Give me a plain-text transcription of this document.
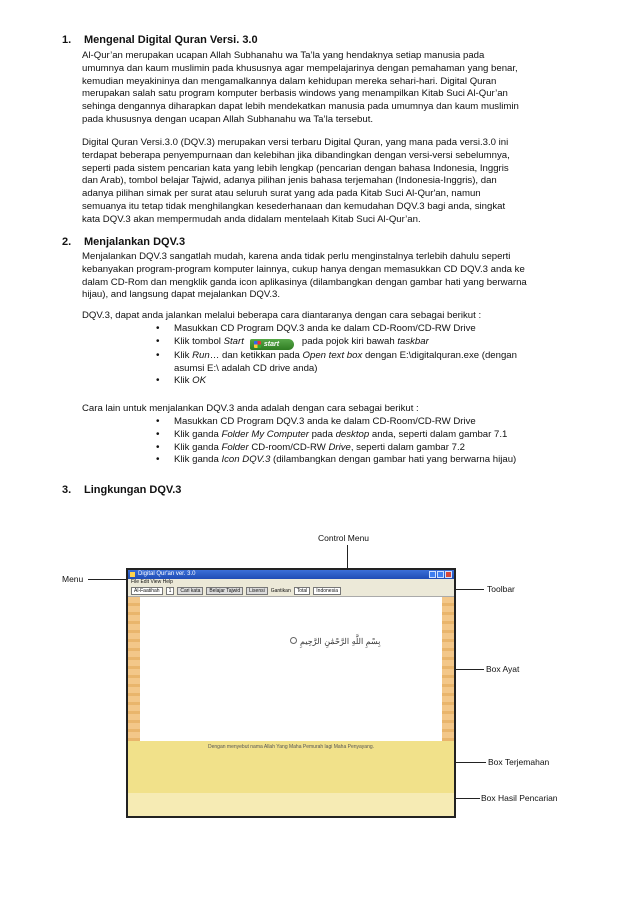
1. Mengenal Digital Quran Versi. 3.0
Al-Qur’an merupakan ucapan Allah Subhanahu wa Ta’la yang hendaknya setiap manusia pada
umumnya dan kaum muslimin pada khususnya agar mempelajarinya dengan pemahaman yang benar,
kemudian meyakininya dan mengamalkannya dalam kehidupan mereka sehari-hari. Digital Quran
merupakan salah satu program komputer berbasis windows yang menampilkan Kitab Suci Al-Qur’an
sehinga dengannya diharapkan dapat lebih mendekatkan manusia pada umumnya dan kaum muslimin
pada khususnya dengan ucapan Allah Subhanahu wa Ta’la tersebut.
Digital Quran Versi.3.0 (DQV.3) merupakan versi terbaru Digital Quran, yang mana pada versi.3.0 ini
terdapat beberapa penyempurnaan dan kelebihan jika dibandingkan dengan versi-versi sebelumnya,
seperti pada sistem pencarian kata yang lebih lengkap (pencarian dengan bahasa Indonesia, Inggris
dan Arab), tombol belajar Tajwid, adanya pilihan jenis bahasa terjemahan (Indonesia-Inggris), dan
adanya pilihan simak per surat atau seluruh surat yang ada pada Kitab Suci Al-Qur'an, namun
semuanya itu tetap tidak menghilangkan kesederhanaan dan kemudahan DQV.3 bagi anda, singkat
kata DQV.3 akan mempermudah anda didalam mentelaah Kitab Suci Al-Qur’an.
2. Menjalankan DQV.3
Menjalankan DQV.3 sangatlah mudah, karena anda tidak perlu menginstalnya terlebih dahulu seperti
kebanyakan program-program komputer lainnya, cukup hanya dengan memasukkan CD DQV.3 anda ke
dalam CD-Rom dan mengklik ganda icon aplikasinya (dilambangkan dengan gambar hati yang berwarna
hijau), and langsung dapat mejalankan DQV.3.
DQV.3, dapat anda jalankan melalui beberapa cara diantaranya dengan cara sebagai berikut :
• Masukkan CD Program DQV.3 anda ke dalam CD-Room/CD-RW Drive
• Klik tombol Start	start pada pojok kiri bawah taskbar
• Klik Run… dan ketikkan pada Open text box dengan E:\digitalquran.exe (dengan
asumsi E:\ adalah CD drive anda)
• Klik OK
Cara lain untuk menjalankan DQV.3 anda adalah dengan cara sebagai berikut :
• Masukkan CD Program DQV.3 anda ke dalam CD-Room/CD-RW Drive
• Klik ganda Folder My Computer pada desktop anda, seperti dalam gambar 7.1
• Klik ganda Folder CD-room/CD-RW Drive, seperti dalam gambar 7.2
• Klik ganda Icon DQV.3 (dilambangkan dengan gambar hati yang berwarna hijau)
3. Lingkungan DQV.3
Control Menu
Menu
Toolbar
Box Ayat
Box Terjemahan
Box Hasil Pencarian
Digital Qur'an ver. 3.0
File Edit View Help
Al-Faatihah	1	Cari kata	Belajar Tajwid	Lisensi	Gantikan	Total	Indonesia
بِسْمِ اللَّهِ الرَّحْمَٰنِ الرَّحِيمِ
Dengan menyebut nama Allah Yang Maha Pemurah lagi Maha Penyayang.
